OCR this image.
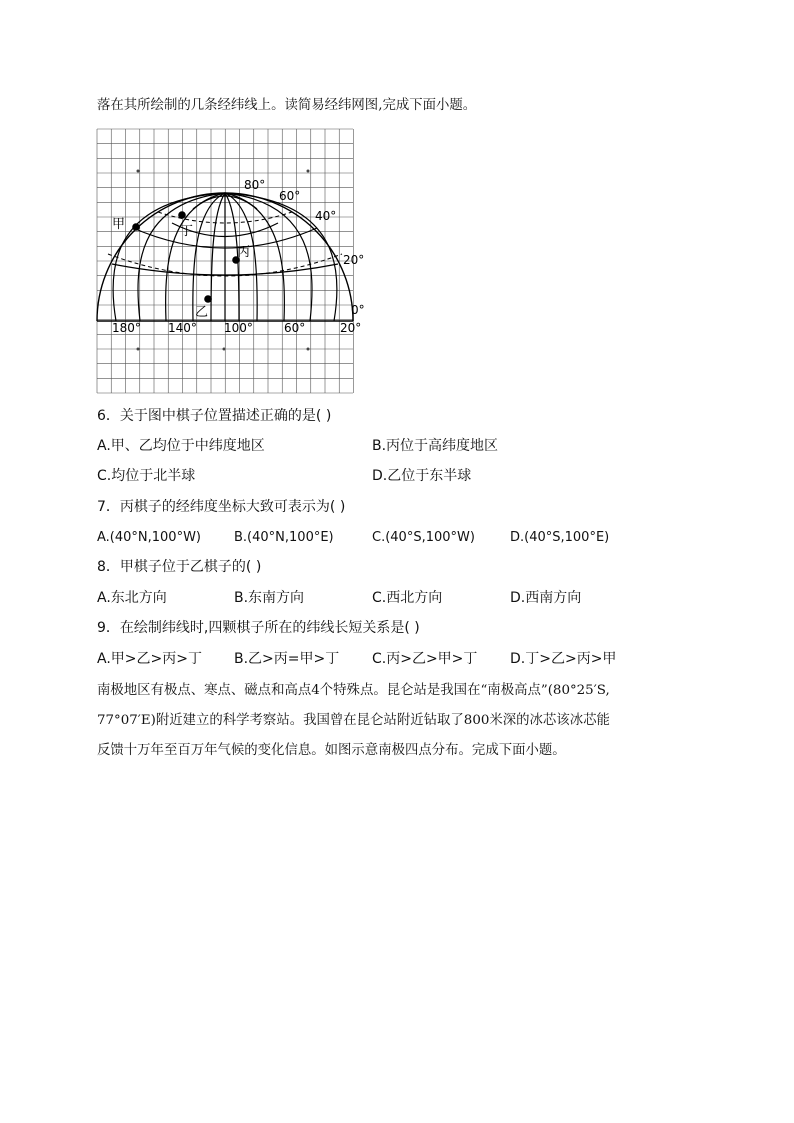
落在其所绘制的几条经纬线上。读简易经纬网图,完成下面小题。
80°
60°
40°
20°
0°
180° 140° 100°	60°	20°
甲
乙
丙
丁
6．关于图中棋子位置描述正确的是( )
A.甲、乙均位于中纬度地区	B.丙位于高纬度地区
C.均位于北半球	D.乙位于东半球
7．丙棋子的经纬度坐标大致可表示为( )
A.(40°N,100°W)	B.(40°N,100°E)	C.(40°S,100°W)	D.(40°S,100°E)
8．甲棋子位于乙棋子的( )
A.东北方向	B.东南方向	C.西北方向	D.西南方向
9．在绘制纬线时,四颗棋子所在的纬线长短关系是( )
A.甲>乙>丙>丁 B.乙>丙=甲>丁 C.丙>乙>甲>丁 D.丁>乙>丙>甲
南极地区有极点、寒点、磁点和高点4个特殊点。昆仑站是我国在“南极高点”(80°25′S,
77°07′E)附近建立的科学考察站。我国曾在昆仑站附近钻取了800米深的冰芯该冰芯能
反馈十万年至百万年气候的变化信息。如图示意南极四点分布。完成下面小题。
